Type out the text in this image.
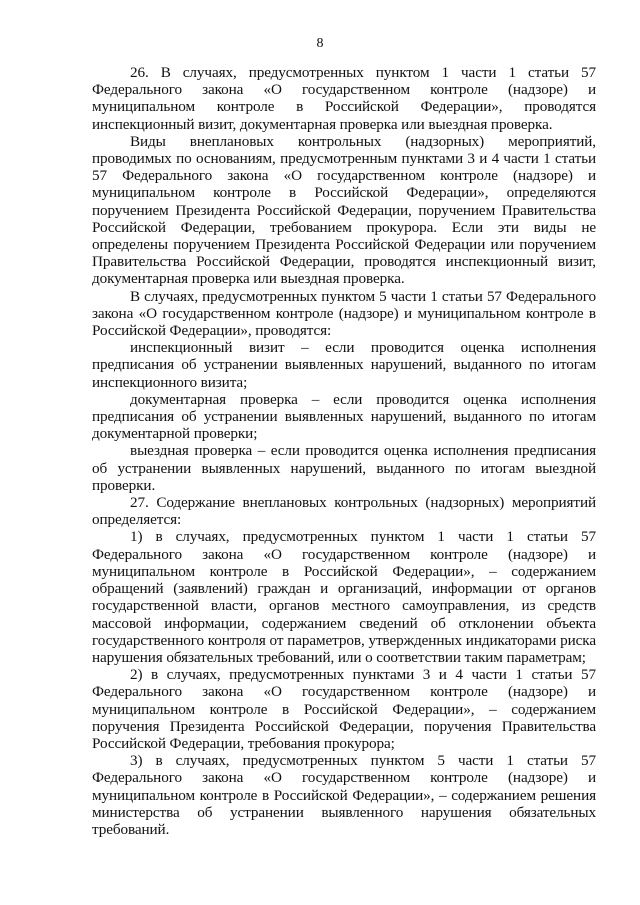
8

26. В случаях, предусмотренных пунктом 1 части 1 статьи 57 Федерального закона «О государственном контроле (надзоре) и муниципальном контроле в Российской Федерации», проводятся инспекционный визит, документарная проверка или выездная проверка.

Виды внеплановых контрольных (надзорных) мероприятий, проводимых по основаниям, предусмотренным пунктами 3 и 4 части 1 статьи 57 Федерального закона «О государственном контроле (надзоре) и муниципальном контроле в Российской Федерации», определяются поручением Президента Российской Федерации, поручением Правительства Российской Федерации, требованием прокурора. Если эти виды не определены поручением Президента Российской Федерации или поручением Правительства Российской Федерации, проводятся инспекционный визит, документарная проверка или выездная проверка.

В случаях, предусмотренных пунктом 5 части 1 статьи 57 Федерального закона «О государственном контроле (надзоре) и муниципальном контроле в Российской Федерации», проводятся:

инспекционный визит – если проводится оценка исполнения предписания об устранении выявленных нарушений, выданного по итогам инспекционного визита;

документарная проверка – если проводится оценка исполнения предписания об устранении выявленных нарушений, выданного по итогам документарной проверки;

выездная проверка – если проводится оценка исполнения предписания об устранении выявленных нарушений, выданного по итогам выездной проверки.

27. Содержание внеплановых контрольных (надзорных) мероприятий определяется:

1) в случаях, предусмотренных пунктом 1 части 1 статьи 57 Федерального закона «О государственном контроле (надзоре) и муниципальном контроле в Российской Федерации», – содержанием обращений (заявлений) граждан и организаций, информации от органов государственной власти, органов местного самоуправления, из средств массовой информации, содержанием сведений об отклонении объекта государственного контроля от параметров, утвержденных индикаторами риска нарушения обязательных требований, или о соответствии таким параметрам;

2) в случаях, предусмотренных пунктами 3 и 4 части 1 статьи 57 Федерального закона «О государственном контроле (надзоре) и муниципальном контроле в Российской Федерации», – содержанием поручения Президента Российской Федерации, поручения Правительства Российской Федерации, требования прокурора;

3) в случаях, предусмотренных пунктом 5 части 1 статьи 57 Федерального закона «О государственном контроле (надзоре) и муниципальном контроле в Российской Федерации», – содержанием решения министерства об устранении выявленного нарушения обязательных требований.
